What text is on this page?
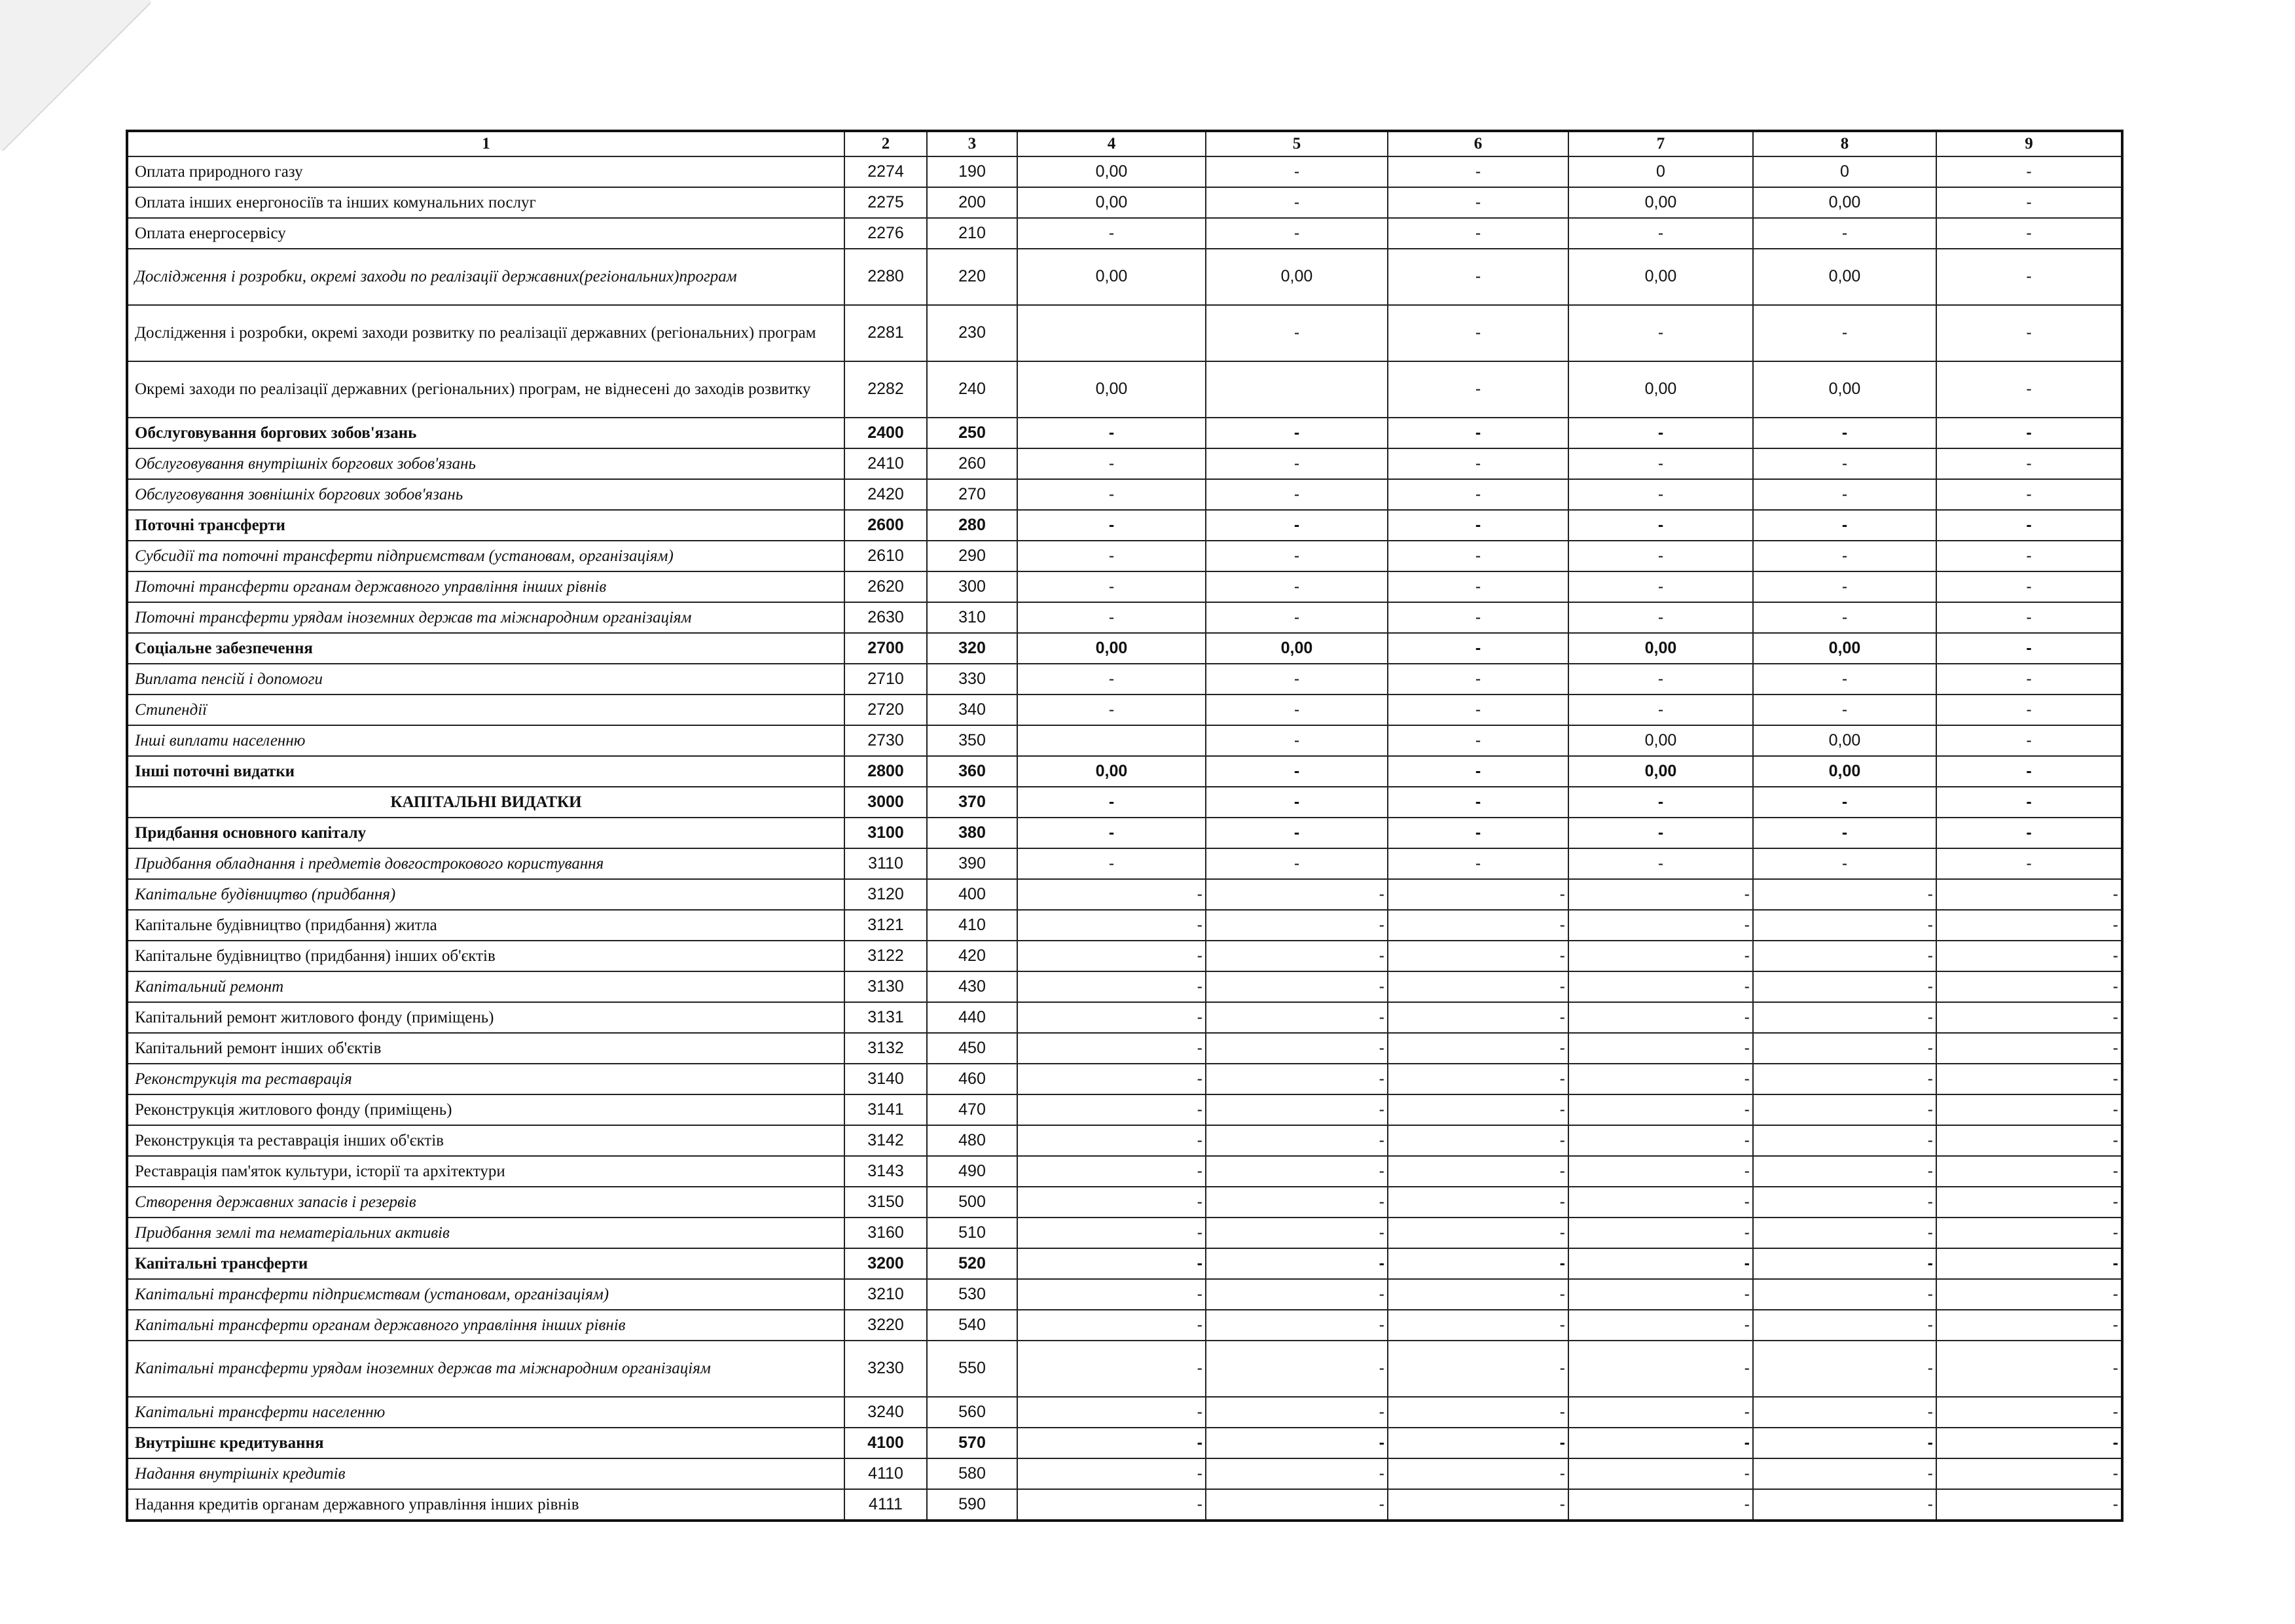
1	2	3	4	5	6	7	8	9
Оплата природного газу	2274	190	0,00	-	-	0	0	-
Оплата інших енергоносіїв та інших комунальних послуг	2275	200	0,00	-	-	0,00	0,00	-
Оплата енергосервісу	2276	210	-	-	-	-	-	-
Дослідження і розробки, окремі заходи по реалізації державних(регіональних)програм	2280	220	0,00	0,00	-	0,00	0,00	-
Дослідження і розробки, окремі заходи розвитку по реалізації державних (регіональних) програм	2281	230		-	-	-	-	-
Окремі заходи по реалізації державних (регіональних) програм, не віднесені до заходів розвитку	2282	240	0,00		-	0,00	0,00	-
Обслуговування боргових зобов'язань	2400	250	-	-	-	-	-	-
Обслуговування внутрішніх боргових зобов'язань	2410	260	-	-	-	-	-	-
Обслуговування зовнішніх боргових зобов'язань	2420	270	-	-	-	-	-	-
Поточні трансферти	2600	280	-	-	-	-	-	-
Субсидії та поточні трансферти підприємствам (установам, організаціям)	2610	290	-	-	-	-	-	-
Поточні трансферти органам державного управління інших рівнів	2620	300	-	-	-	-	-	-
Поточні трансферти урядам іноземних держав та міжнародним організаціям	2630	310	-	-	-	-	-	-
Соціальне забезпечення	2700	320	0,00	0,00	-	0,00	0,00	-
Виплата пенсій і допомоги	2710	330	-	-	-	-	-	-
Стипендії	2720	340	-	-	-	-	-	-
Інші виплати населенню	2730	350		-	-	0,00	0,00	-
Інші поточні видатки	2800	360	0,00	-	-	0,00	0,00	-
КАПІТАЛЬНІ ВИДАТКИ	3000	370	-	-	-	-	-	-
Придбання основного капіталу	3100	380	-	-	-	-	-	-
Придбання обладнання і предметів довгострокового користування	3110	390	-	-	-	-	-	-
Капітальне будівництво (придбання)	3120	400	-	-	-	-	-	-
Капітальне будівництво (придбання) житла	3121	410	-	-	-	-	-	-
Капітальне будівництво (придбання) інших об'єктів	3122	420	-	-	-	-	-	-
Капітальний ремонт	3130	430	-	-	-	-	-	-
Капітальний ремонт житлового фонду (приміщень)	3131	440	-	-	-	-	-	-
Капітальний ремонт інших об'єктів	3132	450	-	-	-	-	-	-
Реконструкція та реставрація	3140	460	-	-	-	-	-	-
Реконструкція житлового фонду (приміщень)	3141	470	-	-	-	-	-	-
Реконструкція та реставрація інших об'єктів	3142	480	-	-	-	-	-	-
Реставрація пам'яток культури, історії та архітектури	3143	490	-	-	-	-	-	-
Створення державних запасів і резервів	3150	500	-	-	-	-	-	-
Придбання землі та нематеріальних активів	3160	510	-	-	-	-	-	-
Капітальні трансферти	3200	520	-	-	-	-	-	-
Капітальні трансферти підприємствам (установам, організаціям)	3210	530	-	-	-	-	-	-
Капітальні трансферти органам державного управління інших рівнів	3220	540	-	-	-	-	-	-
Капітальні трансферти урядам іноземних держав та міжнародним організаціям	3230	550	-	-	-	-	-	-
Капітальні трансферти населенню	3240	560	-	-	-	-	-	-
Внутрішнє кредитування	4100	570	-	-	-	-	-	-
Надання внутрішніх кредитів	4110	580	-	-	-	-	-	-
Надання кредитів органам державного управління інших рівнів	4111	590	-	-	-	-	-	-
